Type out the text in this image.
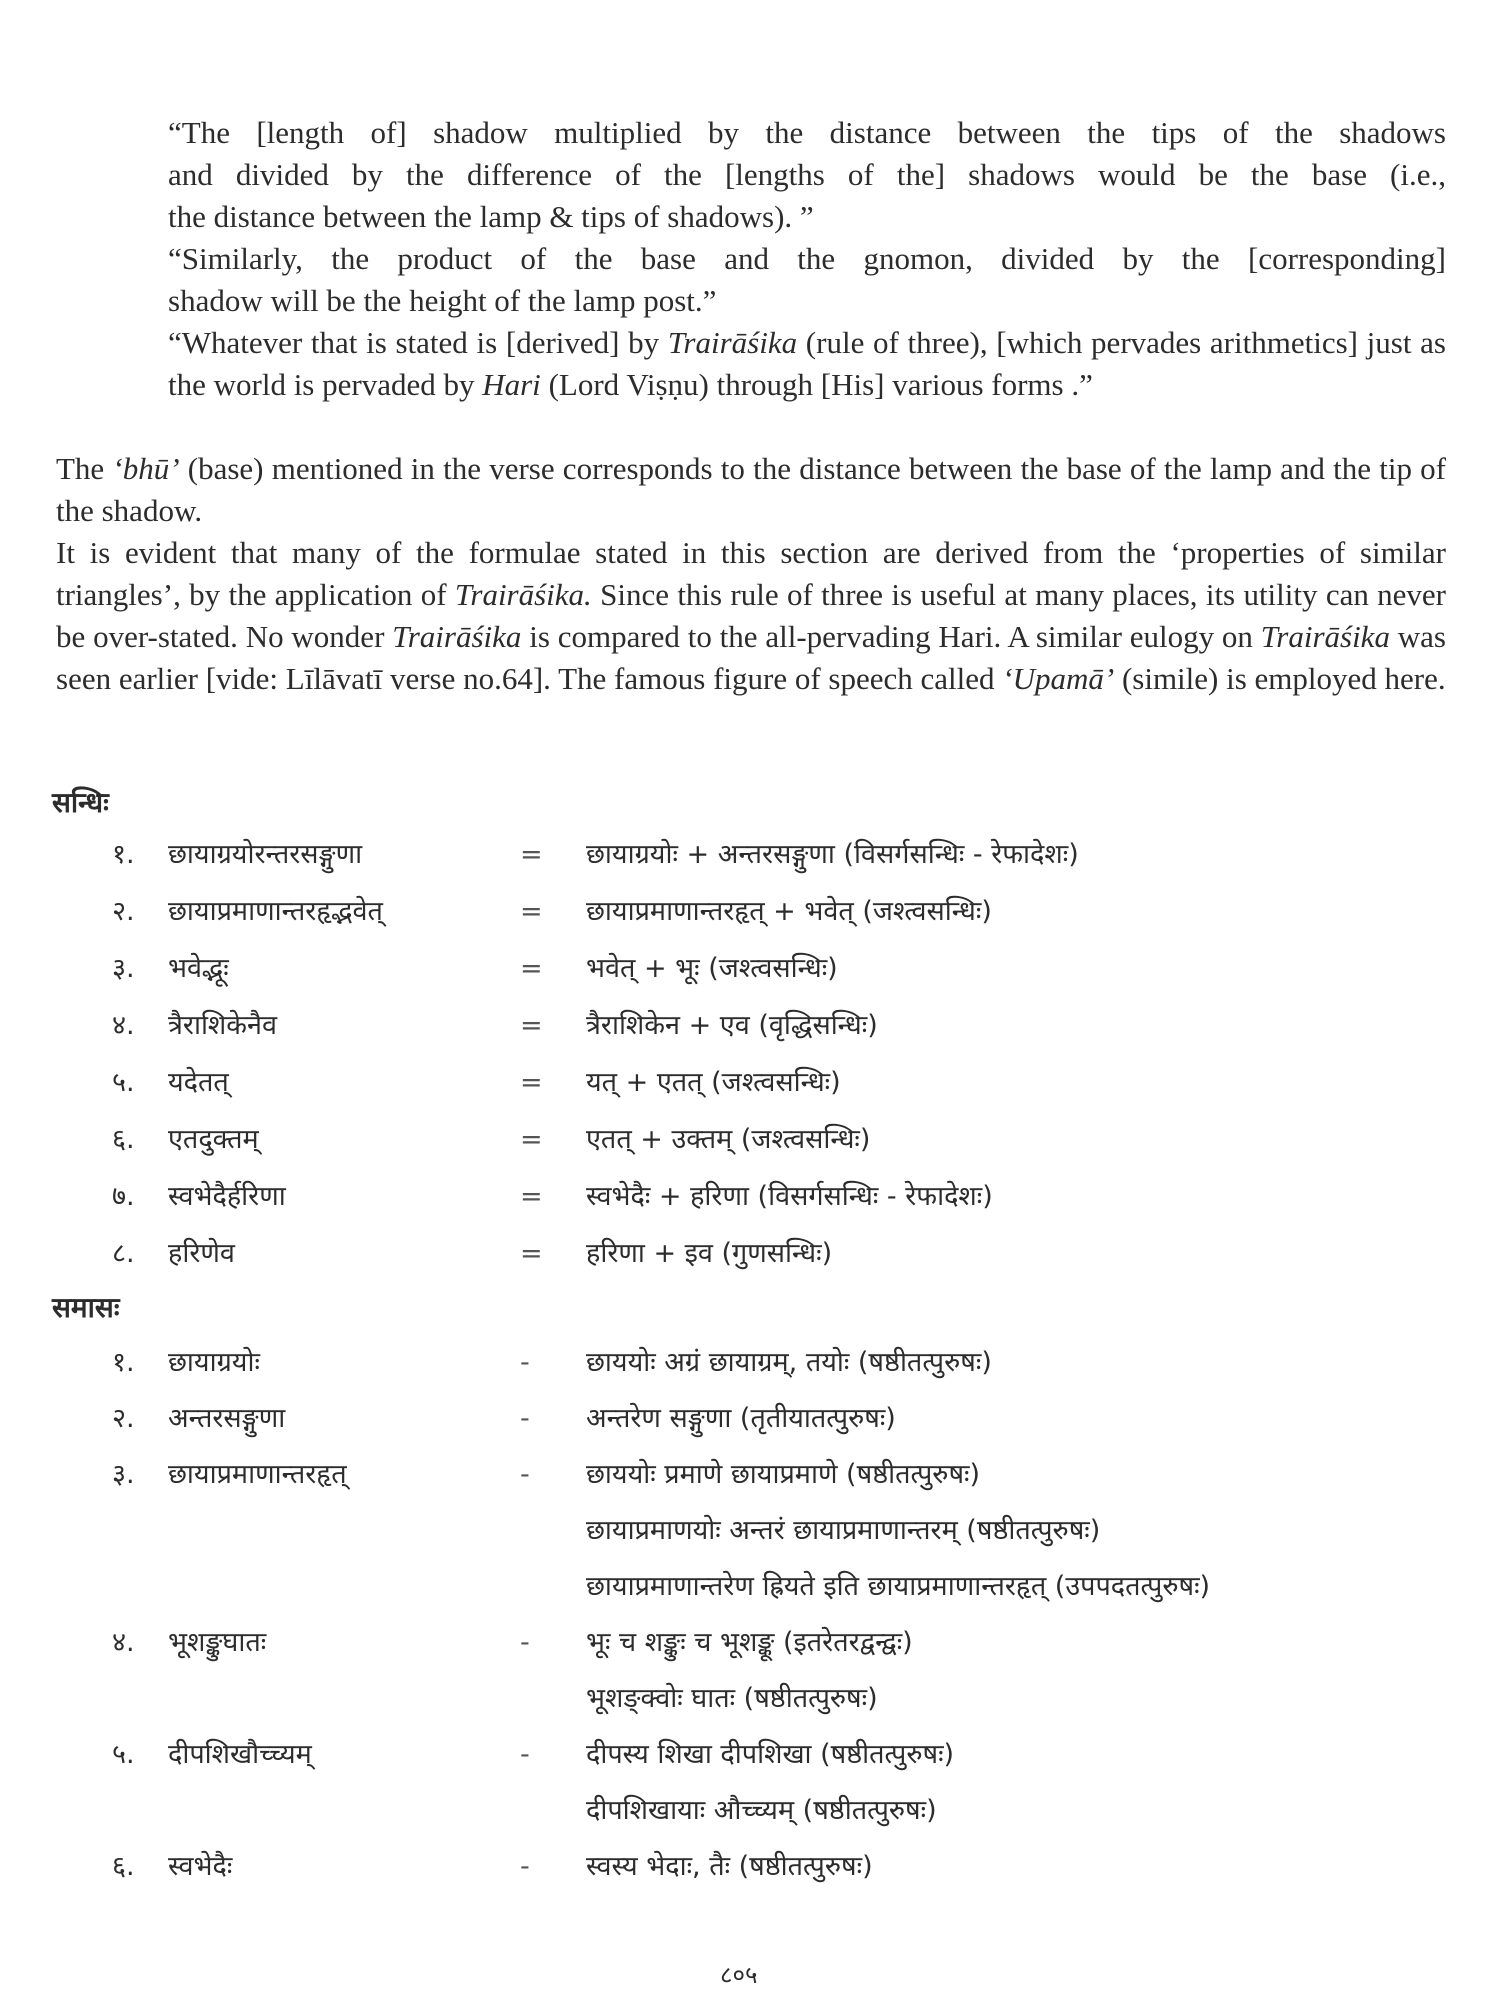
“The [length of] shadow multiplied by the distance between the tips of the shadows
and divided by the difference of the [lengths of the] shadows would be the base (i.e.,
the distance between the lamp & tips of shadows). ”
“Similarly, the product of the base and the gnomon, divided by the [corresponding]
shadow will be the height of the lamp post.”
“Whatever that is stated is [derived] by Trairāśika (rule of three), [which pervades arithmetics] just as the world is pervaded by Hari (Lord Viṣṇu) through [His] various forms .”
The ‘bhū’ (base) mentioned in the verse corresponds to the distance between the base of the lamp and the tip of the shadow.
It is evident that many of the formulae stated in this section are derived from the ‘properties of similar triangles’, by the application of Trairāśika. Since this rule of three is useful at many places, its utility can never be over-stated. No wonder Trairāśika is compared to the all-pervading Hari. A similar eulogy on Trairāśika was seen earlier [vide: Līlāvatī verse no.64]. The famous figure of speech called ‘Upamā’ (simile) is employed here.
सन्धिः
१. छायाग्रयोरन्तरसङ्गुणा	= छायाग्रयोः + अन्तरसङ्गुणा (विसर्गसन्धिः - रेफादेशः)
२. छायाप्रमाणान्तरहृद्भवेत्	= छायाप्रमाणान्तरहृत् + भवेत् (जश्त्वसन्धिः)
३. भवेद्भूः	= भवेत् + भूः (जश्त्वसन्धिः)
४. त्रैराशिकेनैव	= त्रैराशिकेन + एव (वृद्धिसन्धिः)
५. यदेतत्	= यत् + एतत् (जश्त्वसन्धिः)
६. एतदुक्तम्	= एतत् + उक्तम् (जश्त्वसन्धिः)
७. स्वभेदैर्हरिणा	= स्वभेदैः + हरिणा (विसर्गसन्धिः - रेफादेशः)
८. हरिणेव	= हरिणा + इव (गुणसन्धिः)
समासः
१. छायाग्रयोः	- छाययोः अग्रं छायाग्रम्, तयोः (षष्ठीतत्पुरुषः)
२. अन्तरसङ्गुणा	- अन्तरेण सङ्गुणा (तृतीयातत्पुरुषः)
३. छायाप्रमाणान्तरहृत्	- छाययोः प्रमाणे छायाप्रमाणे (षष्ठीतत्पुरुषः)
छायाप्रमाणयोः अन्तरं छायाप्रमाणान्तरम् (षष्ठीतत्पुरुषः)
छायाप्रमाणान्तरेण ह्रियते इति छायाप्रमाणान्तरहृत् (उपपदतत्पुरुषः)
४. भूशङ्कुघातः	- भूः च शङ्कुः च भूशङ्कू (इतरेतरद्वन्द्वः)
भूशङ्क्वोः घातः (षष्ठीतत्पुरुषः)
५. दीपशिखौच्च्यम्	- दीपस्य शिखा दीपशिखा (षष्ठीतत्पुरुषः)
दीपशिखायाः औच्च्यम् (षष्ठीतत्पुरुषः)
६. स्वभेदैः	- स्वस्य भेदाः, तैः (षष्ठीतत्पुरुषः)
८०५
